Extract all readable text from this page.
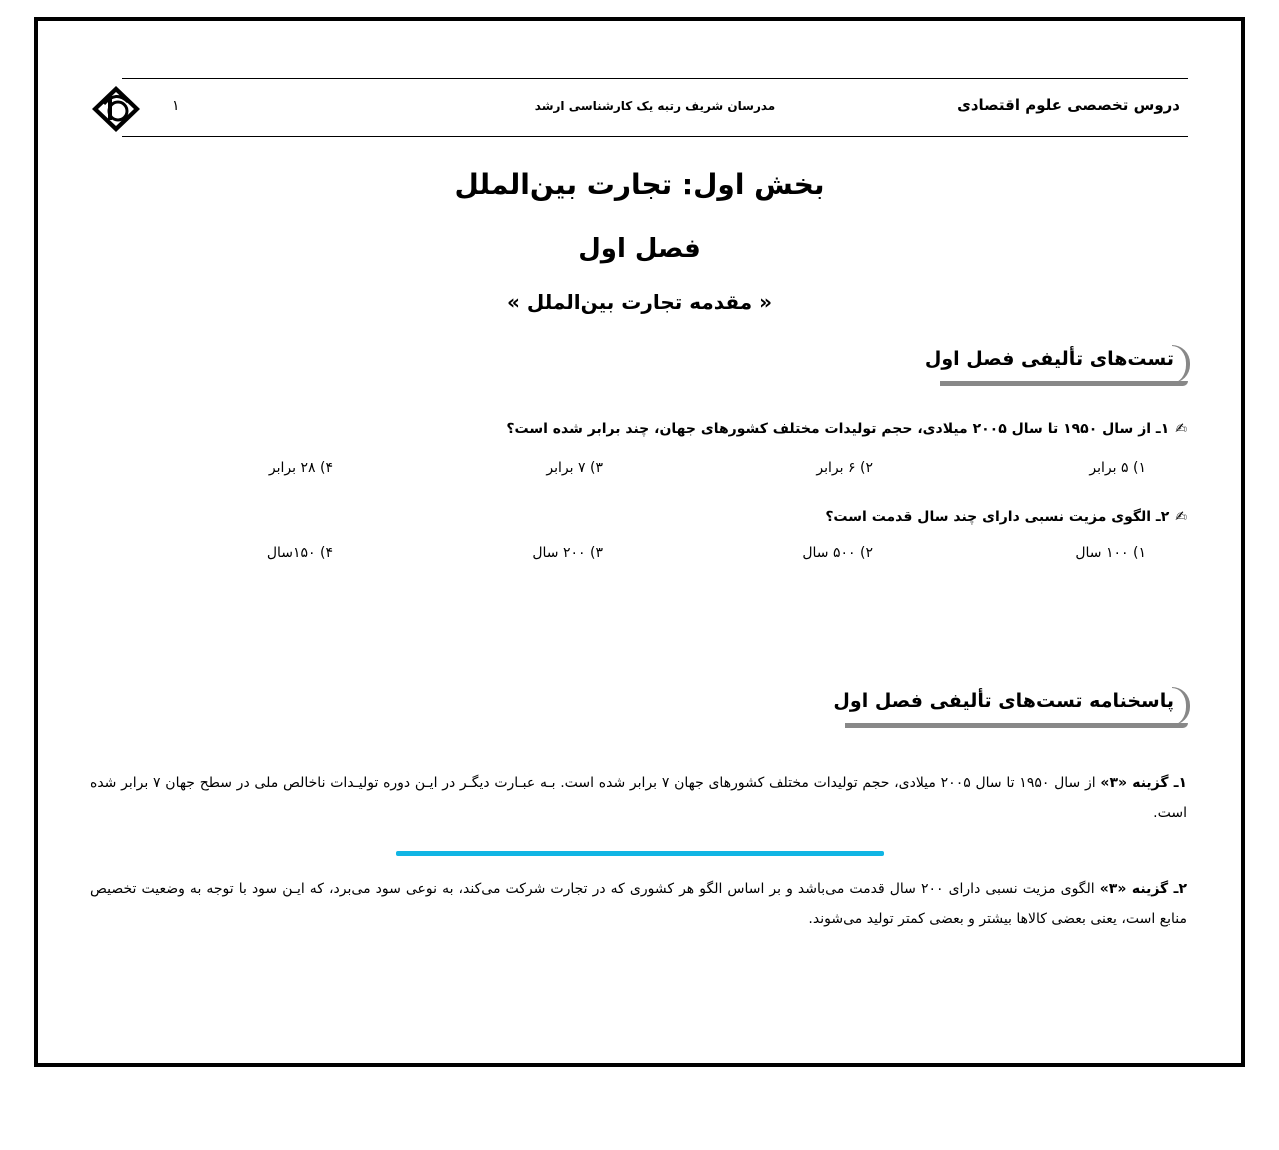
۱	مدرسان شریف رتبه یک کارشناسی ارشد	دروس تخصصی علوم اقتصادی
بخش اول: تجارت بین‌الملل
فصل اول
« مقدمه تجارت بین‌الملل »
تست‌های تألیفی فصل اول
✍۱ـ از سال ۱۹۵۰ تا سال ۲۰۰۵ میلادی، حجم تولیدات مختلف کشورهای جهان، چند برابر شده است؟
۱) ۵ برابر
۲) ۶ برابر
۳) ۷ برابر
۴) ۲۸ برابر
✍۲ـ الگوی مزیت نسبی دارای چند سال قدمت است؟
۱) ۱۰۰ سال
۲) ۵۰۰ سال
۳) ۲۰۰ سال
۴) ۱۵۰سال
پاسخنامه تست‌های تألیفی فصل اول
۱ـ گزینه «۳» از سال ۱۹۵۰ تا سال ۲۰۰۵ میلادی، حجم تولیدات مختلف کشورهای جهان ۷ برابر شده است. بـه عبـارت دیگـر در ایـن دوره تولیـدات ناخالص ملی در سطح جهان ۷ برابر شده است.
۲ـ گزینه «۳» الگوی مزیت نسبی دارای ۲۰۰ سال قدمت می‌باشد و بر اساس الگو هر کشوری که در تجارت شرکت می‌کند، به نوعی سود می‌برد، که ایـن سود با توجه به وضعیت تخصیص منابع است، یعنی بعضی کالاها بیشتر و بعضی کمتر تولید می‌شوند.
